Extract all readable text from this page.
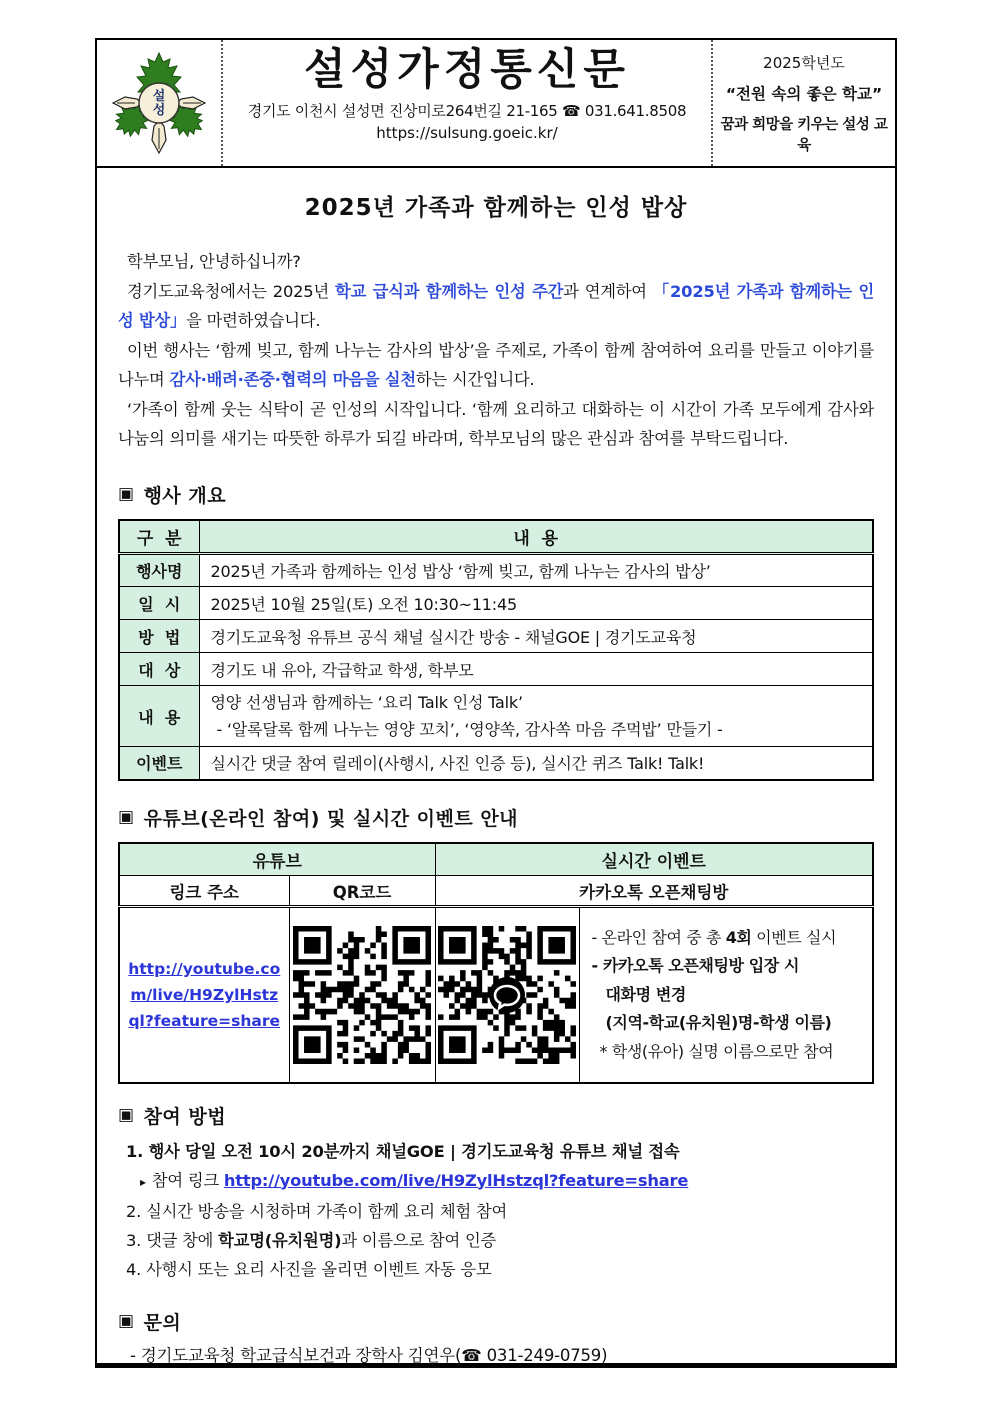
설
성
설성가정통신문
경기도 이천시 설성면 진상미로264번길 21-165 ☎ 031.641.8508
https://sulsung.goeic.kr/
2025학년도
“전원 속의 좋은 학교”
꿈과 희망을 키우는 설성 교육
2025년 가족과 함께하는 인성 밥상
학부모님, 안녕하십니까?
경기도교육청에서는 2025년 학교 급식과 함께하는 인성 주간과 연계하여 「2025년 가족과 함께하는 인성 밥상」을 마련하였습니다.
이번 행사는 ‘함께 빚고, 함께 나누는 감사의 밥상’을 주제로, 가족이 함께 참여하여 요리를 만들고 이야기를 나누며 감사·배려·존중·협력의 마음을 실천하는 시간입니다.
‘가족이 함께 웃는 식탁이 곧 인성의 시작입니다. ‘함께 요리하고 대화하는 이 시간이 가족 모두에게 감사와 나눔의 의미를 새기는 따뜻한 하루가 되길 바라며, 학부모님의 많은 관심과 참여를 부탁드립니다.
▣ 행사 개요
구  분	내  용
행사명	2025년 가족과 함께하는 인성 밥상 ‘함께 빚고, 함께 나누는 감사의 밥상’
일  시	2025년 10월 25일(토) 오전 10:30~11:45
방  법	경기도교육청 유튜브 공식 채널 실시간 방송 - 채널GOE | 경기도교육청
대  상	경기도 내 유아, 각급학교 학생, 학부모
내  용	영양 선생님과 함께하는 ‘요리 Talk 인성 Talk’
- ‘알록달록 함께 나누는 영양 꼬치’, ‘영양쏙, 감사쏙 마음 주먹밥’ 만들기 -

이벤트	실시간 댓글 참여 릴레이(사행시, 사진 인증 등), 실시간 퀴즈 Talk! Talk!
▣ 유튜브(온라인 참여) 및 실시간 이벤트 안내
유튜브		실시간 이벤트	
링크 주소	QR코드	카카오톡 오픈채팅방	
http://youtube.com/live/H9ZylHstzql?feature=share			- 온라인 참여 중 총 4회 이벤트 실시
- 카카오톡 오픈채팅방 입장 시
대화명 변경
(지역-학교(유치원)명-학생 이름)
* 학생(유아) 실명 이름으로만 참여
▣ 참여 방법
1. 행사 당일 오전 10시 20분까지 채널GOE | 경기도교육청 유튜브 채널 접속
▸ 참여 링크 http://youtube.com/live/H9ZylHstzql?feature=share
2. 실시간 방송을 시청하며 가족이 함께 요리 체험 참여
3. 댓글 창에 학교명(유치원명)과 이름으로 참여 인증
4. 사행시 또는 요리 사진을 올리면 이벤트 자동 응모
▣ 문의
- 경기도교육청 학교급식보건과 장학사 김연우(☎ 031-249-0759)
